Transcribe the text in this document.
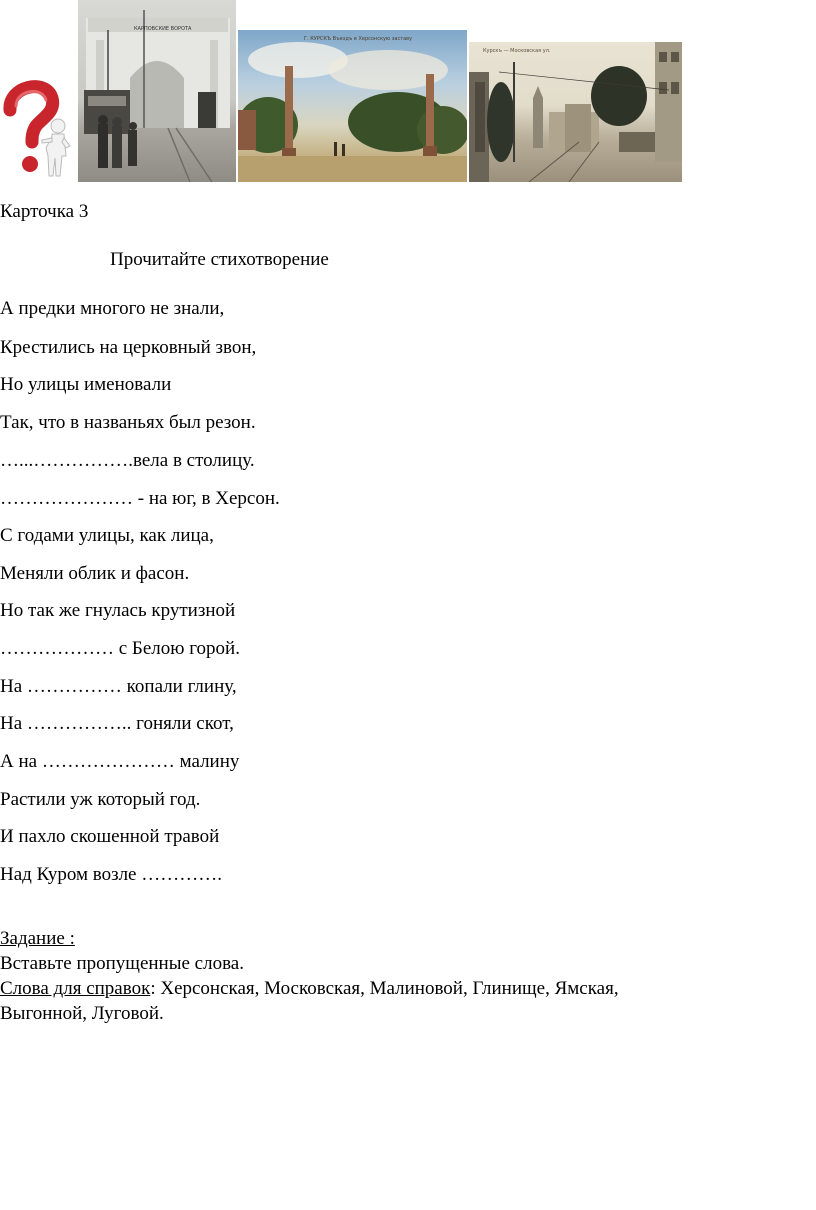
КАРПОВСКИЕ ВОРОТА
Г. КУРСКЪ Въездъ в Херсонскую заставу
Курскъ — Московская ул.
Карточка 3
Прочитайте стихотворение
А предки многого не знали,
Крестились на церковный звон,
Но улицы именовали
Так, что в названьях был резон.
…...…………….вела в столицу.
………………… - на юг, в Херсон.
С годами улицы, как лица,
Меняли облик и фасон.
Но так же гнулась крутизной
……………… с Белою горой.
На …………… копали глину,
На …………….. гоняли скот,
А на ………………… малину
Растили уж который год.
И пахло скошенной травой
Над Куром возле ………….
Задание :
Вставьте пропущенные слова.
Слова для справок: Херсонская, Московская, Малиновой, Глинище, Ямская,
Выгонной, Луговой.
